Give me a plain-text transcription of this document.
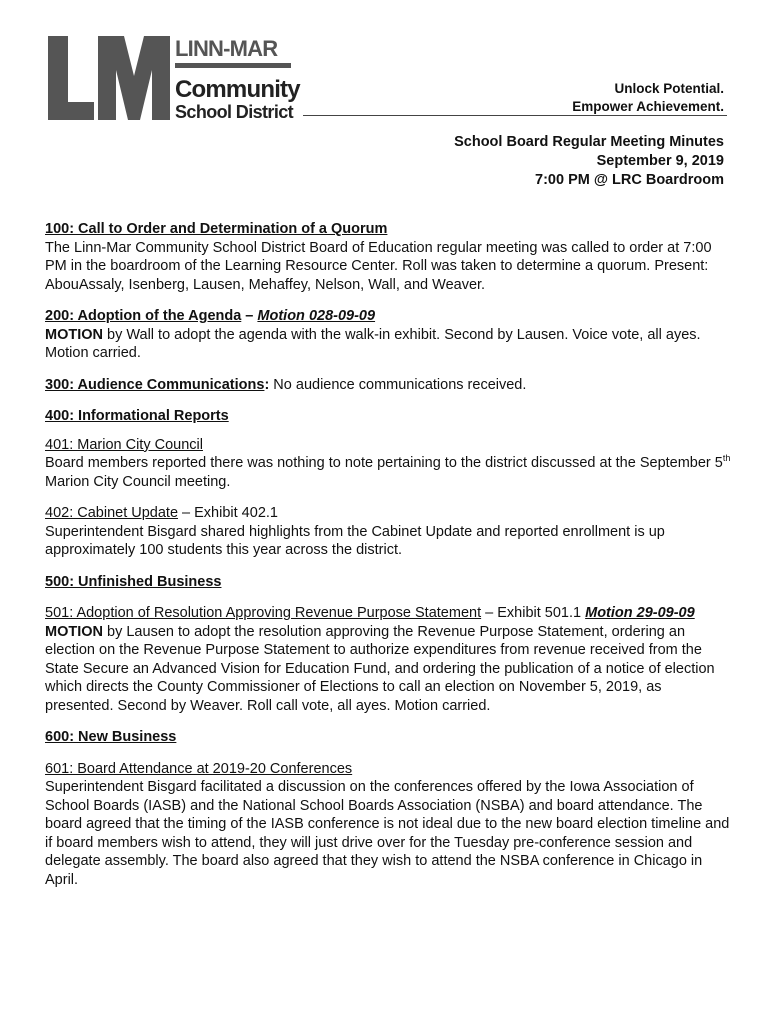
LINN-MAR
Community
School District
Unlock Potential.
Empower Achievement.
School Board Regular Meeting Minutes
September 9, 2019
7:00 PM @ LRC Boardroom

100: Call to Order and Determination of a Quorum

The Linn-Mar Community School District Board of Education regular meeting was called to order at 7:00 PM in the boardroom of the Learning Resource Center. Roll was taken to determine a quorum. Present: AbouAssaly, Isenberg, Lausen, Mehaffey, Nelson, Wall, and Weaver.

200: Adoption of the Agenda – Motion 028-09-09

MOTION by Wall to adopt the agenda with the walk-in exhibit. Second by Lausen. Voice vote, all ayes. Motion carried.

300: Audience Communications: No audience communications received.

400: Informational Reports

401: Marion City Council

Board members reported there was nothing to note pertaining to the district discussed at the September 5th Marion City Council meeting.

402: Cabinet Update – Exhibit 402.1

Superintendent Bisgard shared highlights from the Cabinet Update and reported enrollment is up approximately 100 students this year across the district.

500: Unfinished Business

501: Adoption of Resolution Approving Revenue Purpose Statement – Exhibit 501.1 Motion 29-09-09

MOTION by Lausen to adopt the resolution approving the Revenue Purpose Statement, ordering an election on the Revenue Purpose Statement to authorize expenditures from revenue received from the State Secure an Advanced Vision for Education Fund, and ordering the publication of a notice of election which directs the County Commissioner of Elections to call an election on November 5, 2019, as presented. Second by Weaver. Roll call vote, all ayes. Motion carried.

600: New Business

601: Board Attendance at 2019-20 Conferences

Superintendent Bisgard facilitated a discussion on the conferences offered by the Iowa Association of School Boards (IASB) and the National School Boards Association (NSBA) and board attendance. The board agreed that the timing of the IASB conference is not ideal due to the new board election timeline and if board members wish to attend, they will just drive over for the Tuesday pre-conference session and delegate assembly. The board also agreed that they wish to attend the NSBA conference in Chicago in April.
